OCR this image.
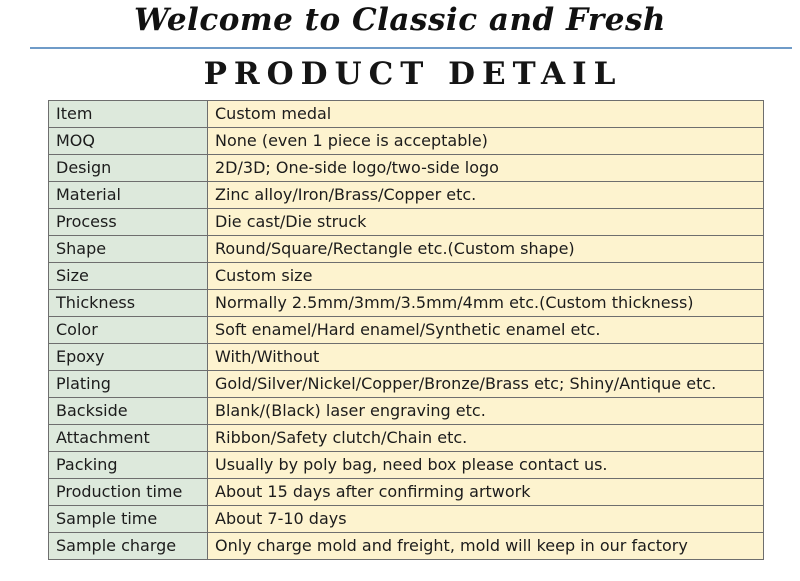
Welcome to Classic and Fresh
PRODUCT DETAIL
Item	Custom medal
MOQ	None (even 1 piece is acceptable)
Design	2D/3D; One-side logo/two-side logo
Material	Zinc alloy/Iron/Brass/Copper etc.
Process	Die cast/Die struck
Shape	Round/Square/Rectangle etc.(Custom shape)
Size	Custom size
Thickness	Normally 2.5mm/3mm/3.5mm/4mm etc.(Custom thickness)
Color	Soft enamel/Hard enamel/Synthetic enamel etc.
Epoxy	With/Without
Plating	Gold/Silver/Nickel/Copper/Bronze/Brass etc; Shiny/Antique etc.
Backside	Blank/(Black) laser engraving etc.
Attachment	Ribbon/Safety clutch/Chain etc.
Packing	Usually by poly bag, need box please contact us.
Production time	About 15 days after confirming artwork
Sample time	About 7-10 days
Sample charge	Only charge mold and freight, mold will keep in our factory
